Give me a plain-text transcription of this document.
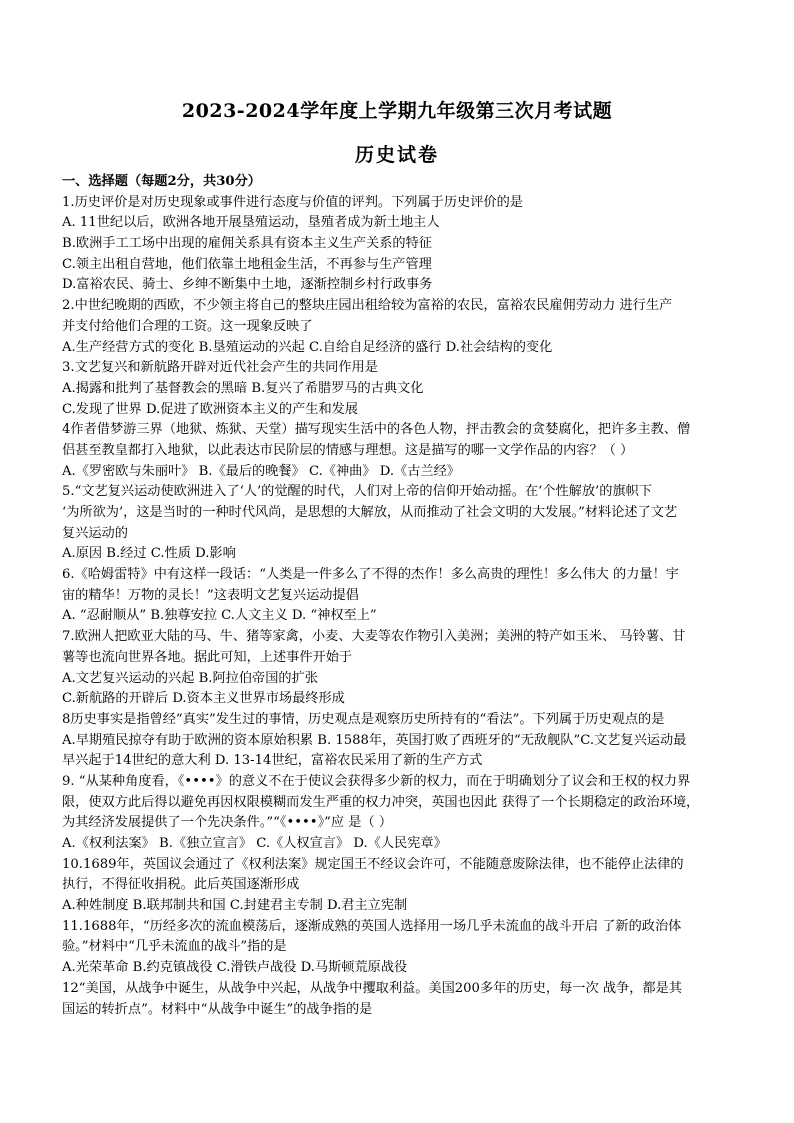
2023-2024学年度上学期九年级第三次月考试题
历史试卷
一、选择题（每题2分，共30分）
1.历史评价是对历史现象或事件进行态度与价值的评判。下列属于历史评价的是
A. 11世纪以后，欧洲各地开展垦殖运动，垦殖者成为新土地主人
B.欧洲手工工场中出现的雇佣关系具有资本主义生产关系的特征
C.领主出租自营地，他们依靠土地租金生活，不再参与生产管理
D.富裕农民、骑士、乡绅不断集中土地，逐渐控制乡村行政事务
2.中世纪晚期的西欧，不少领主将自己的整块庄园出租给较为富裕的农民，富裕农民雇佣劳动力 进行生产
并支付给他们合理的工资。这一现象反映了
A.生产经营方式的变化 B.垦殖运动的兴起 C.自给自足经济的盛行 D.社会结构的变化
3.文艺复兴和新航路开辟对近代社会产生的共同作用是
A.揭露和批判了基督教会的黑暗 B.复兴了希腊罗马的古典文化
C.发现了世界 D.促进了欧洲资本主义的产生和发展
4作者借梦游三界（地狱、炼狱、天堂）描写现实生活中的各色人物，抨击教会的贪婪腐化，把许多主教、僧
侣甚至教皇都打入地狱，以此表达市民阶层的情感与理想。这是描写的哪一文学作品的内容？（ ）
A.《罗密欧与朱丽叶》 B.《最后的晚餐》 C.《神曲》 D.《古兰经》
5.“文艺复兴运动使欧洲进入了‘人’的觉醒的时代，人们对上帝的信仰开始动摇。在‘个性解放’的旗帜下
‘为所欲为’，这是当时的一种时代风尚，是思想的大解放，从而推动了社会文明的大发展。”材料论述了文艺
复兴运动的
A.原因 B.经过 C.性质 D.影响
6.《哈姆雷特》中有这样一段话：“人类是一件多么了不得的杰作！多么高贵的理性！多么伟大 的力量！宇
宙的精华！万物的灵长！”这表明文艺复兴运动提倡
A. “忍耐顺从” B.独尊安拉 C.人文主义 D. “神权至上”
7.欧洲人把欧亚大陆的马、牛、猪等家禽，小麦、大麦等农作物引入美洲；美洲的特产如玉米、 马铃薯、甘
薯等也流向世界各地。据此可知，上述事件开始于
A.文艺复兴运动的兴起 B.阿拉伯帝国的扩张
C.新航路的开辟后 D.资本主义世界市场最终形成
8历史事实是指曾经“真实”发生过的事情，历史观点是观察历史所持有的“看法”。下列属于历史观点的是
A.早期殖民掠夺有助于欧洲的资本原始积累 B. 1588年，英国打败了西班牙的“无敌舰队”C.文艺复兴运动最
早兴起于14世纪的意大利 D. 13-14世纪，富裕农民采用了新的生产方式
9. “从某种角度看，《••••》的意义不在于使议会获得多少新的权力，而在于明确划分了议会和王权的权力界
限，使双方此后得以避免再因权限模糊而发生严重的权力冲突，英国也因此 获得了一个长期稳定的政治环境，
为其经济发展提供了一个先决条件。”“《••••》”应 是（ ）
A.《权利法案》 B.《独立宣言》 C.《人权宣言》 D.《人民宪章》
10.1689年，英国议会通过了《权利法案》规定国王不经议会许可，不能随意废除法律，也不能停止法律的
执行，不得征收捐税。此后英国逐渐形成
A.种姓制度 B.联邦制共和国 C.封建君主专制 D.君主立宪制
11.1688年，“历经多次的流血模荡后，逐渐成熟的英国人选择用一场几乎未流血的战斗开启 了新的政治体
验。”材料中“几乎未流血的战斗”指的是
A.光荣革命 B.约克镇战役 C.滑铁卢战役 D.马斯顿荒原战役
12“美国，从战争中诞生，从战争中兴起，从战争中攫取利益。美国200多年的历史，每一次 战争，都是其
国运的转折点”。材料中“从战争中诞生”的战争指的是
